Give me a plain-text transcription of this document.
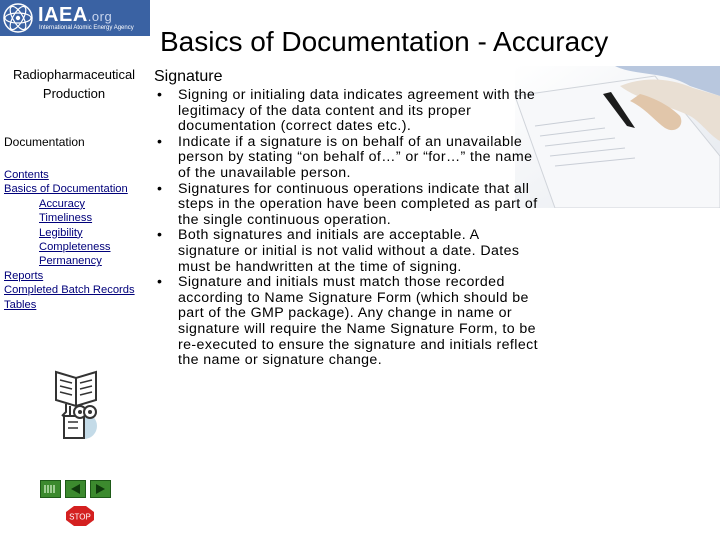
IAEA.org
International Atomic Energy Agency Basics of Documentation - Accuracy
Radiopharmaceutical
Production
Documentation
Contents
Basics of Documentation
Accuracy
Timeliness
Legibility
Completeness
Permanency
Reports
Completed Batch Records
Tables
STOP
Signature
• Signing or initialing data indicates agreement with the legitimacy of the data content and its proper documentation (correct dates etc.).
• Indicate if a signature is on behalf of an unavailable person by stating “on behalf of…” or “for…” the name of the unavailable person.
• Signatures for continuous operations indicate that all steps in the operation have been completed as part of the single continuous operation.
• Both signatures and initials are acceptable. A signature or initial is not valid without a date. Dates must be handwritten at the time of signing.
• Signature and initials must match those recorded according to Name Signature Form (which should be part of the GMP package). Any change in name or signature will require the Name Signature Form, to be re-executed to ensure the signature and initials reflect the name or signature change.
